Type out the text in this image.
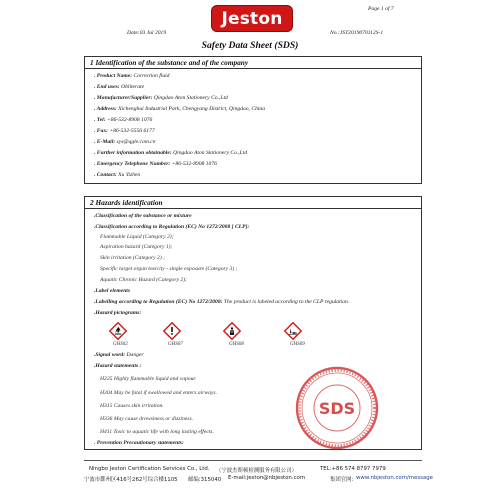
Jeston	Page 1 of 7
Date:03 Jul 2019	No.:JST2019070112S-1
Safety Data Sheet (SDS)
1 Identification of the substance and of the company
. Product Name: Correction fluid
. End uses: Obliterate
. Manufacturer/Supplier: Qingdao Aton Stationery Co.,Ltd
. Address: Xichenghui Industrial Park, Chengyang District, Qingdao, China
. Tel: +86-532-8908 1076
. Fax: +86-532-5556 6177
. E-Mail: sys@qgle.com.cn
. Further information obtainable: Qingdao Aton Stationery Co.,Ltd
. Emergency Telephone Number: +86-532-8908 1076
. Contact: Xu Yizhen
2 Hazards identification
.Classification of the substance or mixture
.Classification according to Regulation (EC) No 1272/2008 [ CLP]:
Flammable Liquid (Category 2);
Aspiration hazard (Category 1);
Skin irritation (Category 2) ;
Specific target organ toxicity - single exposure (Category 3) ;
Aquatic Chronic Hazard (Category 2);
.Label elements
.Labelling according to Regulation (EC) No 1272/2008: The product is labeled according to the CLP regulation.
.Hazard pictograms:
GHS02	GHS07	GHS08	GHS09
.Signal word: Danger
.Hazard statements :
H225 Highly flammable liquid and vapour.
H304 May be fatal if swallowed and enters airways.
H315 Causes skin irritation.
H336 May cause drowsiness or dizziness.
H411 Toxic to aquatic life with long lasting effects.
. Prevention Precautionary statements:
SDS
Ningbo Jeston Certification Services Co., Ltd. （宁波杰斯顿检测服务有限公司）	TEL:+86 574 8797 7979
宁波市鄞州区416号262号综合楼1105 邮编:315040 E-mail:jeston@nbjeston.com	集团官网: www.nbjeston.com/message
